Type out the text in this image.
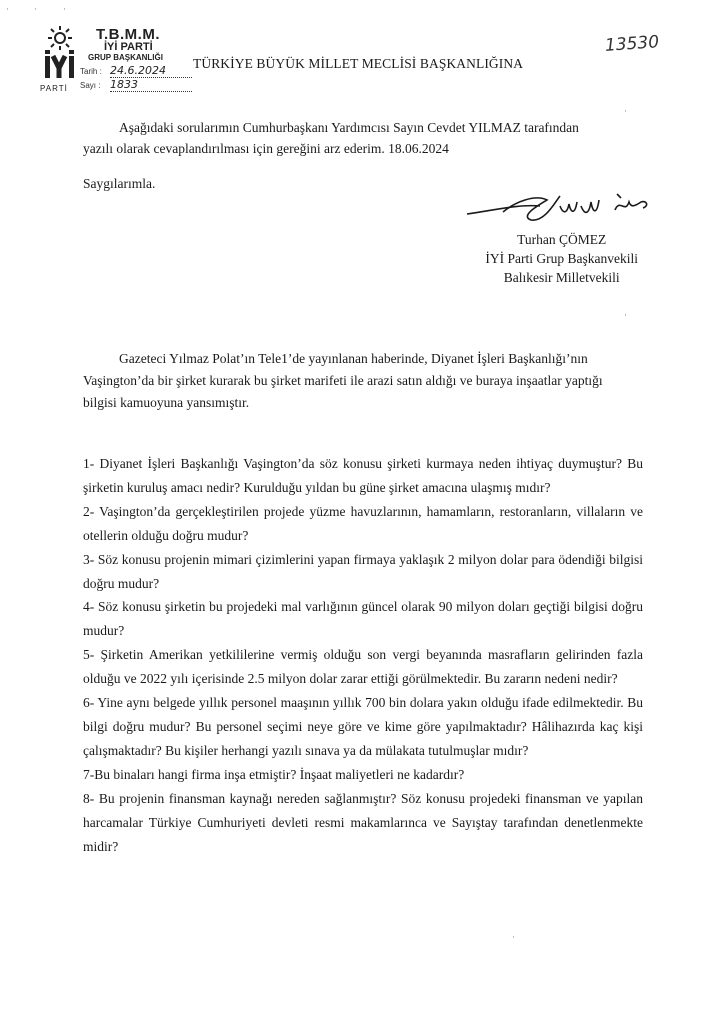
T.B.M.M.
İYİ PARTİ
GRUP BAŞKANLIĞI
Tarih : 24.6.2024
Sayı : 1833
PARTİ
TÜRKİYE BÜYÜK MİLLET MECLİSİ BAŞKANLIĞINA
13530
Aşağıdaki sorularımın Cumhurbaşkanı Yardımcısı Sayın Cevdet YILMAZ tarafından
yazılı olarak cevaplandırılması için gereğini arz ederim. 18.06.2024
Saygılarımla.
Turhan ÇÖMEZ
İYİ Parti Grup Başkanvekili
Balıkesir Milletvekili
Gazeteci Yılmaz Polat’ın Tele1’de yayınlanan haberinde, Diyanet İşleri Başkanlığı’nın
Vaşington’da bir şirket kurarak bu şirket marifeti ile arazi satın aldığı ve buraya inşaatlar yaptığı
bilgisi kamuoyuna yansımıştır.

1- Diyanet İşleri Başkanlığı Vaşington’da söz konusu şirketi kurmaya neden ihtiyaç duymuştur? Bu şirketin kuruluş amacı nedir? Kurulduğu yıldan bu güne şirket amacına ulaşmış mıdır?

2- Vaşington’da gerçekleştirilen projede yüzme havuzlarının, hamamların, restoranların, villaların ve otellerin olduğu doğru mudur?

3- Söz konusu projenin mimari çizimlerini yapan firmaya yaklaşık 2 milyon dolar para ödendiği bilgisi doğru mudur?

4- Söz konusu şirketin bu projedeki mal varlığının güncel olarak 90 milyon doları geçtiği bilgisi doğru mudur?

5- Şirketin Amerikan yetkililerine vermiş olduğu son vergi beyanında masrafların gelirinden fazla olduğu ve 2022 yılı içerisinde 2.5 milyon dolar zarar ettiği görülmektedir. Bu zararın nedeni nedir?

6- Yine aynı belgede yıllık personel maaşının yıllık 700 bin dolara yakın olduğu ifade edilmektedir. Bu bilgi doğru mudur? Bu personel seçimi neye göre ve kime göre yapılmaktadır? Hâlihazırda kaç kişi çalışmaktadır? Bu kişiler herhangi yazılı sınava ya da mülakata tutulmuşlar mıdır?

7-Bu binaları hangi firma inşa etmiştir? İnşaat maliyetleri ne kadardır?

8- Bu projenin finansman kaynağı nereden sağlanmıştır? Söz konusu projedeki finansman ve yapılan harcamalar Türkiye Cumhuriyeti devleti resmi makamlarınca ve Sayıştay tarafından denetlenmekte midir?

·	·	·
·
·
·
